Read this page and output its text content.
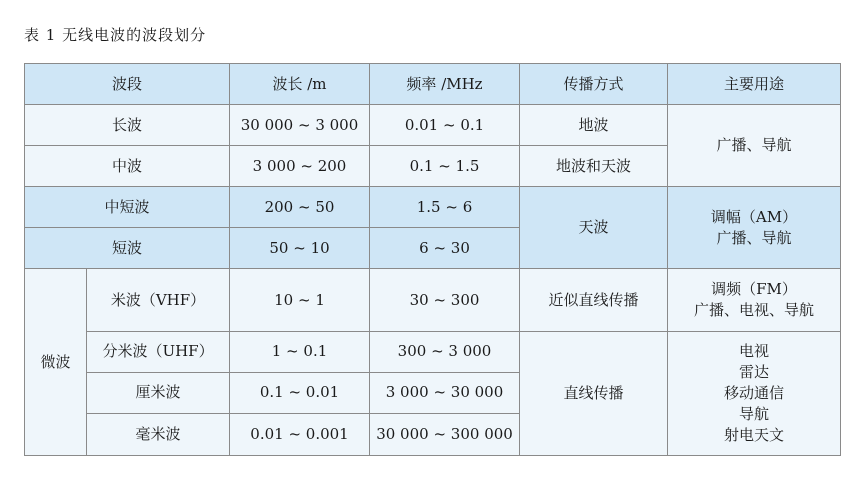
表 1 无线电波的波段划分
波段		波长 /m	频率 /MHz	传播方式	主要用途
长波		30 000 ~ 3 000	0.01 ~ 0.1	地波	广播、导航
中波		3 000 ~ 200	0.1 ~ 1.5	地波和天波	
中短波		200 ~ 50	1.5 ~ 6	天波	调幅（AM）
广播、导航

短波		50 ~ 10	6 ~ 30		
微波	米波（VHF）	10 ~ 1	30 ~ 300	近似直线传播	调频（FM）
广播、电视、导航

	分米波（UHF）	1 ~ 0.1	300 ~ 3 000	直线传播	电视
雷达
移动通信
导航
射电天文

	厘米波	0.1 ~ 0.01	3 000 ~ 30 000		
	毫米波	0.01 ~ 0.001	30 000 ~ 300 000		
